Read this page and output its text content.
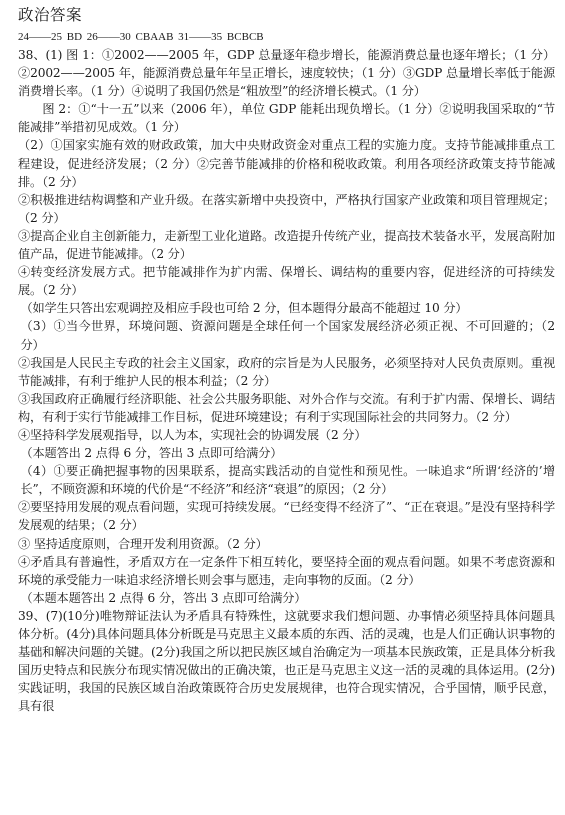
政治答案
24——25 BD 26——30 CBAAB 31——35 BCBCB

38、(1) 图 1：①2002——2005 年，GDP 总量逐年稳步增长，能源消费总量也逐年增长；（1 分）②2002——2005 年，能源消费总量年年呈正增长，速度较快；（1 分）③GDP 总量增长率低于能源消费增长率。（1 分）④说明了我国仍然是“粗放型”的经济增长模式。（1 分）

图 2：①“十一五”以来（2006 年），单位 GDP 能耗出现负增长。（1 分）②说明我国采取的“节能减排”举措初见成效。（1 分）

（2）①国家实施有效的财政政策，加大中央财政资金对重点工程的实施力度。支持节能减排重点工程建设，促进经济发展；（2 分）②完善节能减排的价格和税收政策。利用各项经济政策支持节能减排。（2 分）

②积极推进结构调整和产业升级。在落实新增中央投资中，严格执行国家产业政策和项目管理规定；（2 分）

③提高企业自主创新能力，走新型工业化道路。改造提升传统产业，提高技术装备水平，发展高附加值产品，促进节能减排。（2 分）

④转变经济发展方式。把节能减排作为扩内需、保增长、调结构的重要内容，促进经济的可持续发展。（2 分）

（如学生只答出宏观调控及相应手段也可给 2 分，但本题得分最高不能超过 10 分）

（3）①当今世界，环境问题、资源问题是全球任何一个国家发展经济必须正视、不可回避的；（2 分）

②我国是人民民主专政的社会主义国家，政府的宗旨是为人民服务，必须坚持对人民负责原则。重视节能减排，有利于维护人民的根本利益；（2 分）

③我国政府正确履行经济职能、社会公共服务职能、对外合作与交流。有利于扩内需、保增长、调结构，有利于实行节能减排工作目标，促进环境建设；有利于实现国际社会的共同努力。（2 分）

④坚持科学发展观指导，以人为本，实现社会的协调发展（2 分）

（本题答出 2 点得 6 分，答出 3 点即可给满分）

（4）①要正确把握事物的因果联系，提高实践活动的自觉性和预见性。一味追求“所谓‘经济的’增长”，不顾资源和环境的代价是“不经济”和经济“衰退”的原因；（2 分）

②要坚持用发展的观点看问题，实现可持续发展。“已经变得不经济了”、“正在衰退。”是没有坚持科学发展观的结果；（2 分）

③ 坚持适度原则，合理开发利用资源。（2 分）

④矛盾具有普遍性，矛盾双方在一定条件下相互转化，要坚持全面的观点看问题。如果不考虑资源和环境的承受能力一味追求经济增长则会事与愿违，走向事物的反面。（2 分）

（本题本题答出 2 点得 6 分，答出 3 点即可给满分）

39、(7)(10分)唯物辩证法认为矛盾具有特殊性，这就要求我们想问题、办事情必须坚持具体问题具体分析。(4分)具体问题具体分析既是马克思主义最本质的东西、活的灵魂，也是人们正确认识事物的基础和解决问题的关键。(2分)我国之所以把民族区域自治确定为一项基本民族政策，正是具体分析我国历史特点和民族分布现实情况做出的正确决策，也正是马克思主义这一活的灵魂的具体运用。(2分)实践证明，我国的民族区域自治政策既符合历史发展规律，也符合现实情况，合乎国情，顺乎民意，具有很
